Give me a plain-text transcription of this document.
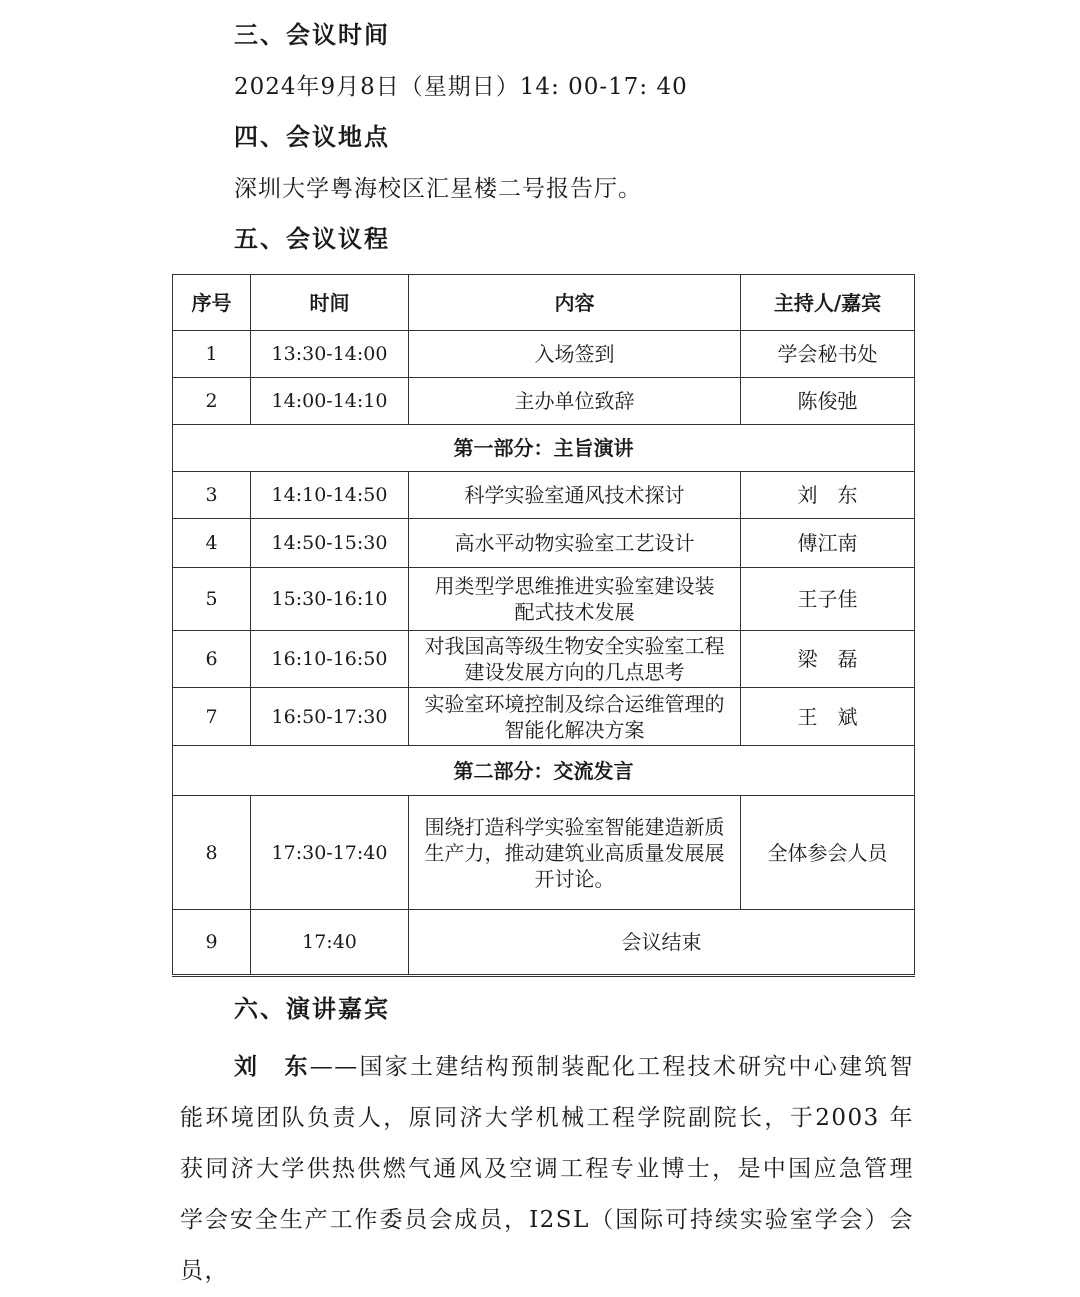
三、会议时间
2024年9月8日（星期日）14: 00-17: 40
四、会议地点
深圳大学粤海校区汇星楼二号报告厅。
五、会议议程
序号	时间	内容	主持人/嘉宾
1	13:30-14:00	入场签到	学会秘书处
2	14:00-14:10	主办单位致辞	陈俊弛
第一部分：主旨演讲			
3	14:10-14:50	科学实验室通风技术探讨	刘　东
4	14:50-15:30	高水平动物实验室工艺设计	傅江南
5	15:30-16:10	用类型学思维推进实验室建设装配式技术发展	王子佳
6	16:10-16:50	对我国高等级生物安全实验室工程建设发展方向的几点思考	梁　磊
7	16:50-17:30	实验室环境控制及综合运维管理的智能化解决方案	王　斌
第二部分：交流发言			
8	17:30-17:40	围绕打造科学实验室智能建造新质生产力，推动建筑业高质量发展展开讨论。	全体参会人员
9	17:40	会议结束	
六、演讲嘉宾
刘　东——国家土建结构预制装配化工程技术研究中心建筑智能环境团队负责人，原同济大学机械工程学院副院长，于2003 年获同济大学供热供燃气通风及空调工程专业博士，是中国应急管理学会安全生产工作委员会成员，I2SL（国际可持续实验室学会）会员，
